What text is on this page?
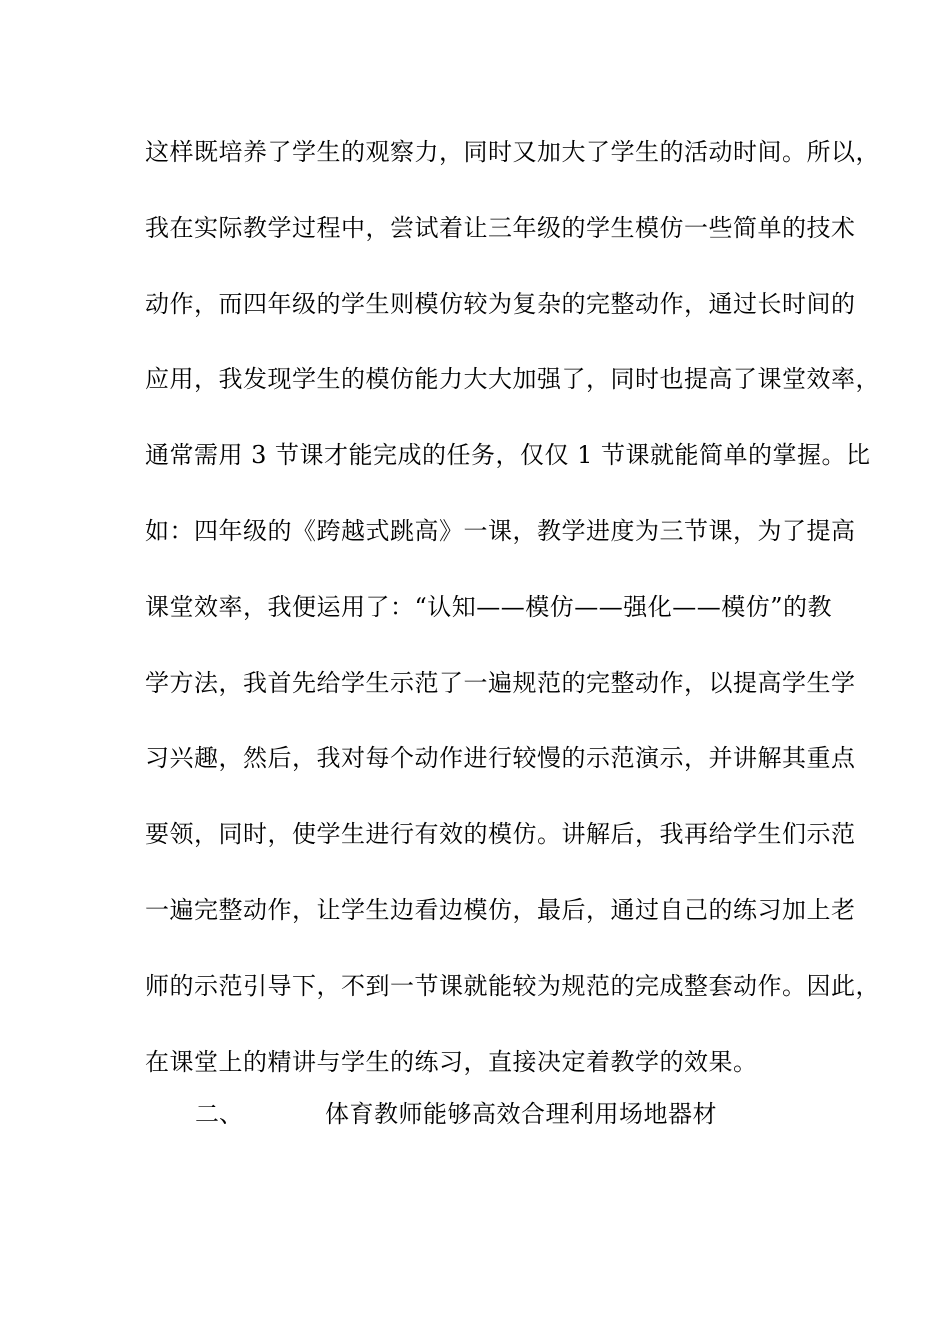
这样既培养了学生的观察力，同时又加大了学生的活动时间。所以，
我在实际教学过程中，尝试着让三年级的学生模仿一些简单的技术
动作，而四年级的学生则模仿较为复杂的完整动作，通过长时间的
应用，我发现学生的模仿能力大大加强了，同时也提高了课堂效率，
通常需用 3 节课才能完成的任务，仅仅 1 节课就能简单的掌握。比
如：四年级的《跨越式跳高》一课，教学进度为三节课，为了提高
课堂效率，我便运用了：“认知——模仿——强化——模仿”的教
学方法，我首先给学生示范了一遍规范的完整动作，以提高学生学
习兴趣，然后，我对每个动作进行较慢的示范演示，并讲解其重点
要领，同时，使学生进行有效的模仿。讲解后，我再给学生们示范
一遍完整动作，让学生边看边模仿，最后，通过自己的练习加上老
师的示范引导下，不到一节课就能较为规范的完成整套动作。因此，
在课堂上的精讲与学生的练习，直接决定着教学的效果。
二、	体育教师能够高效合理利用场地器材
